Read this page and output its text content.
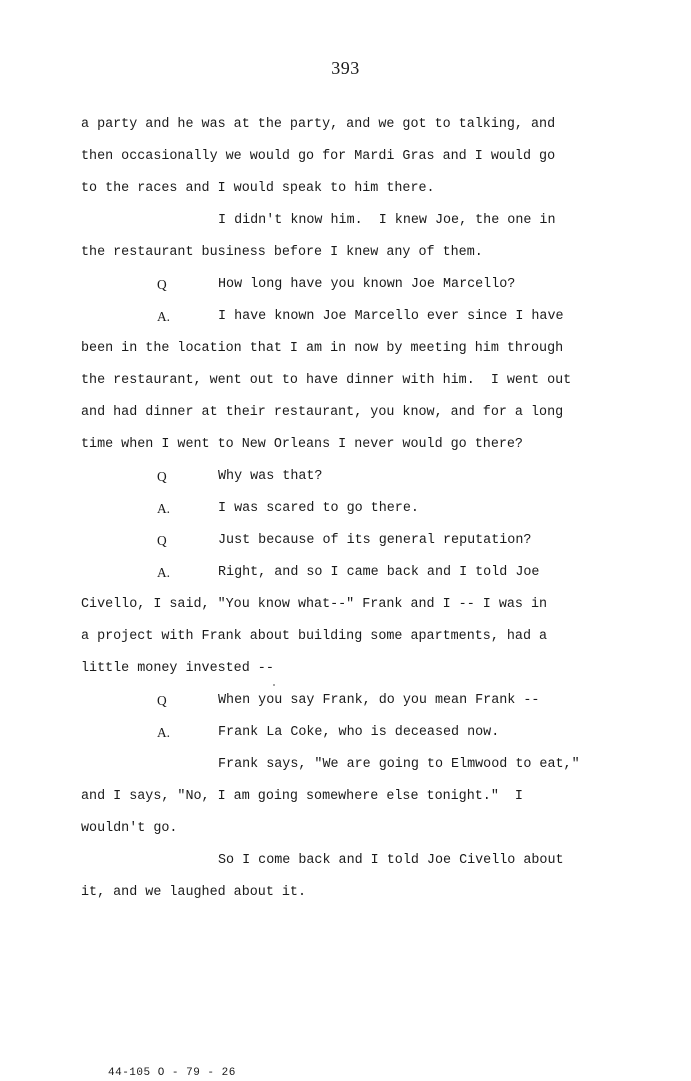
393
a party and he was at the party, and we got to talking, and
then occasionally we would go for Mardi Gras and I would go
to the races and I would speak to him there.
I didn't know him.  I knew Joe, the one in
the restaurant business before I knew any of them.
Q	How long have you known Joe Marcello?
A.	I have known Joe Marcello ever since I have
been in the location that I am in now by meeting him through
the restaurant, went out to have dinner with him.  I went out
and had dinner at their restaurant, you know, and for a long
time when I went to New Orleans I never would go there?
Q	Why was that?
A.	I was scared to go there.
Q	Just because of its general reputation?
A.	Right, and so I came back and I told Joe
Civello, I said, "You know what--" Frank and I -- I was in
a project with Frank about building some apartments, had a
little money invested --
Q	When you say Frank, do you mean Frank --
A.	Frank La Coke, who is deceased now.
Frank says, "We are going to Elmwood to eat,"
and I says, "No, I am going somewhere else tonight."  I
wouldn't go.
So I come back and I told Joe Civello about
it, and we laughed about it.
44-105 O - 79 - 26
